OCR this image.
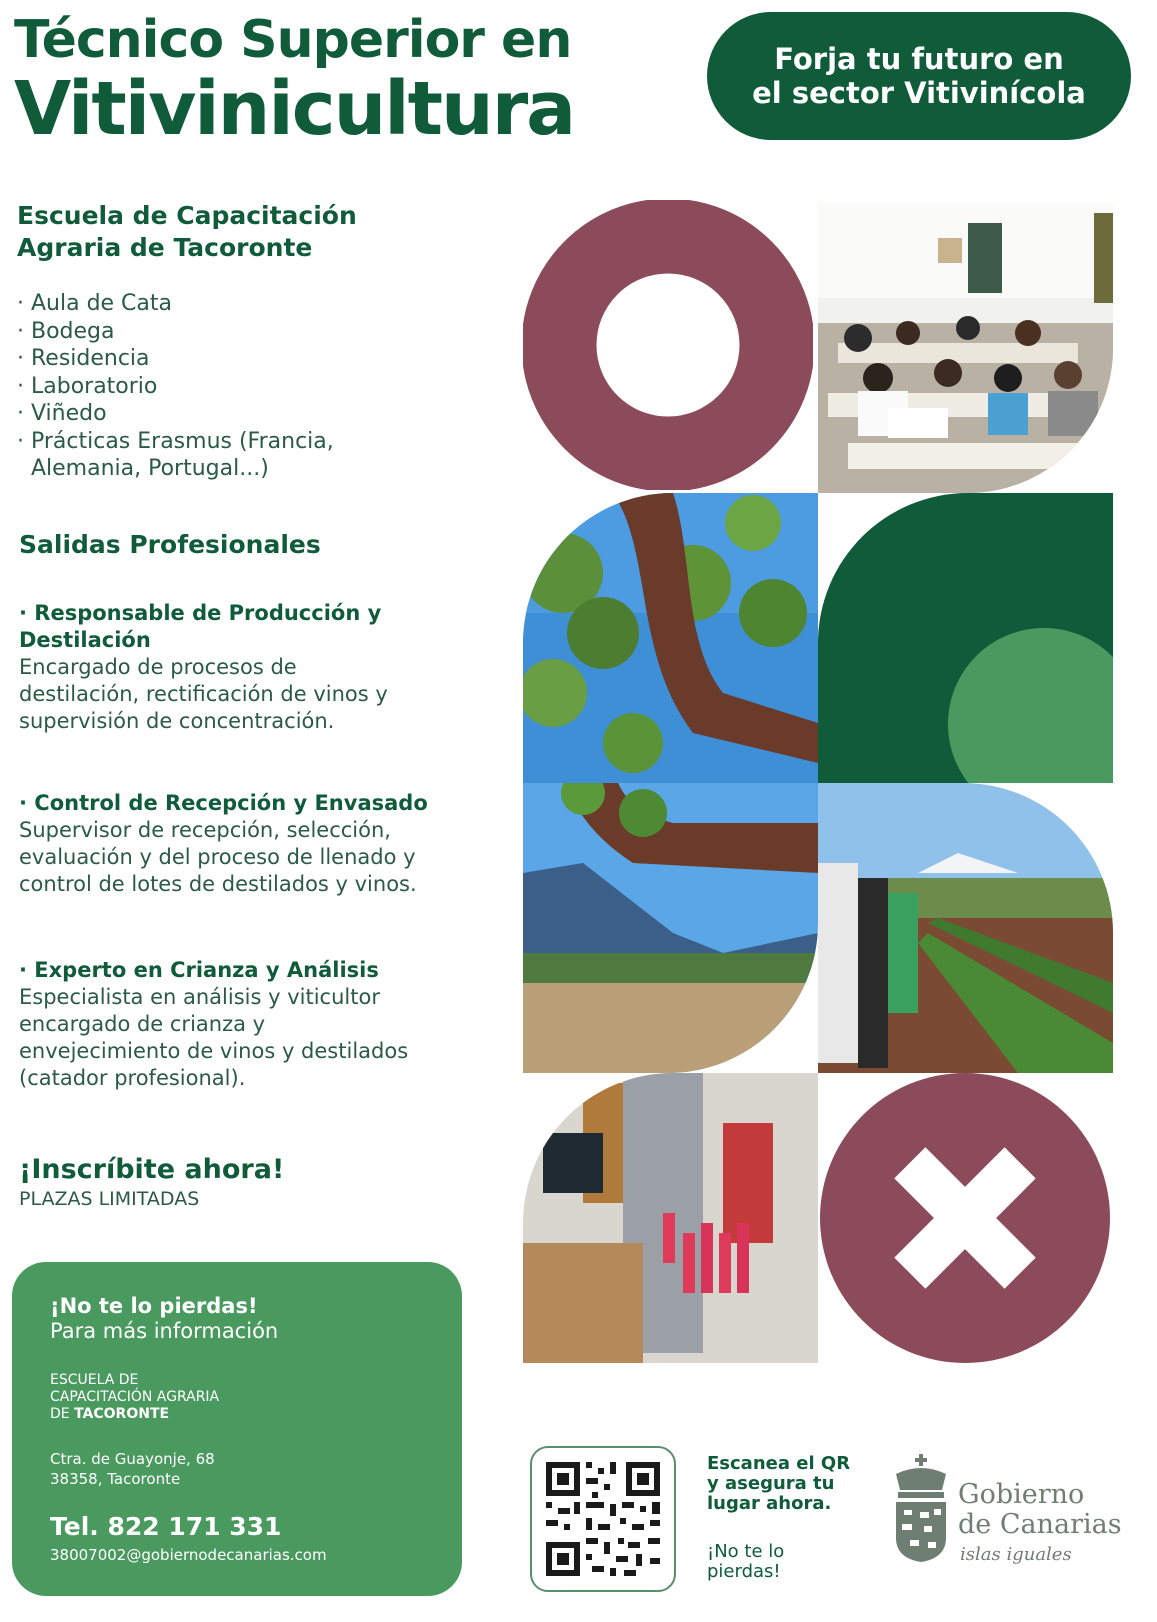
Técnico Superior en
Vitivinicultura
Forja tu futuro en
el sector Vitivinícola
Escuela de Capacitación
Agraria de Tacoronte
· Aula de Cata
· Bodega
· Residencia
· Laboratorio
· Viñedo
· Prácticas Erasmus (Francia,
Alemania, Portugal...)
Salidas Profesionales
· Responsable de Producción y
Destilación
Encargado de procesos de
destilación, rectificación de vinos y
supervisión de concentración.
· Control de Recepción y Envasado
Supervisor de recepción, selección,
evaluación y del proceso de llenado y
control de lotes de destilados y vinos.
· Experto en Crianza y Análisis
Especialista en análisis y viticultor
encargado de crianza y
envejecimiento de vinos y destilados
(catador profesional).
¡Inscríbite ahora!
PLAZAS LIMITADAS
¡No te lo pierdas!
Para más información
ESCUELA DE
CAPACITACIÓN AGRARIA
DE TACORONTE
Ctra. de Guayonje, 68
38358, Tacoronte
Tel. 822 171 331
38007002@gobiernodecanarias.com
Escanea el QR
y asegura tu
lugar ahora.
¡No te lo
pierdas!
Gobierno
de Canarias
islas iguales
